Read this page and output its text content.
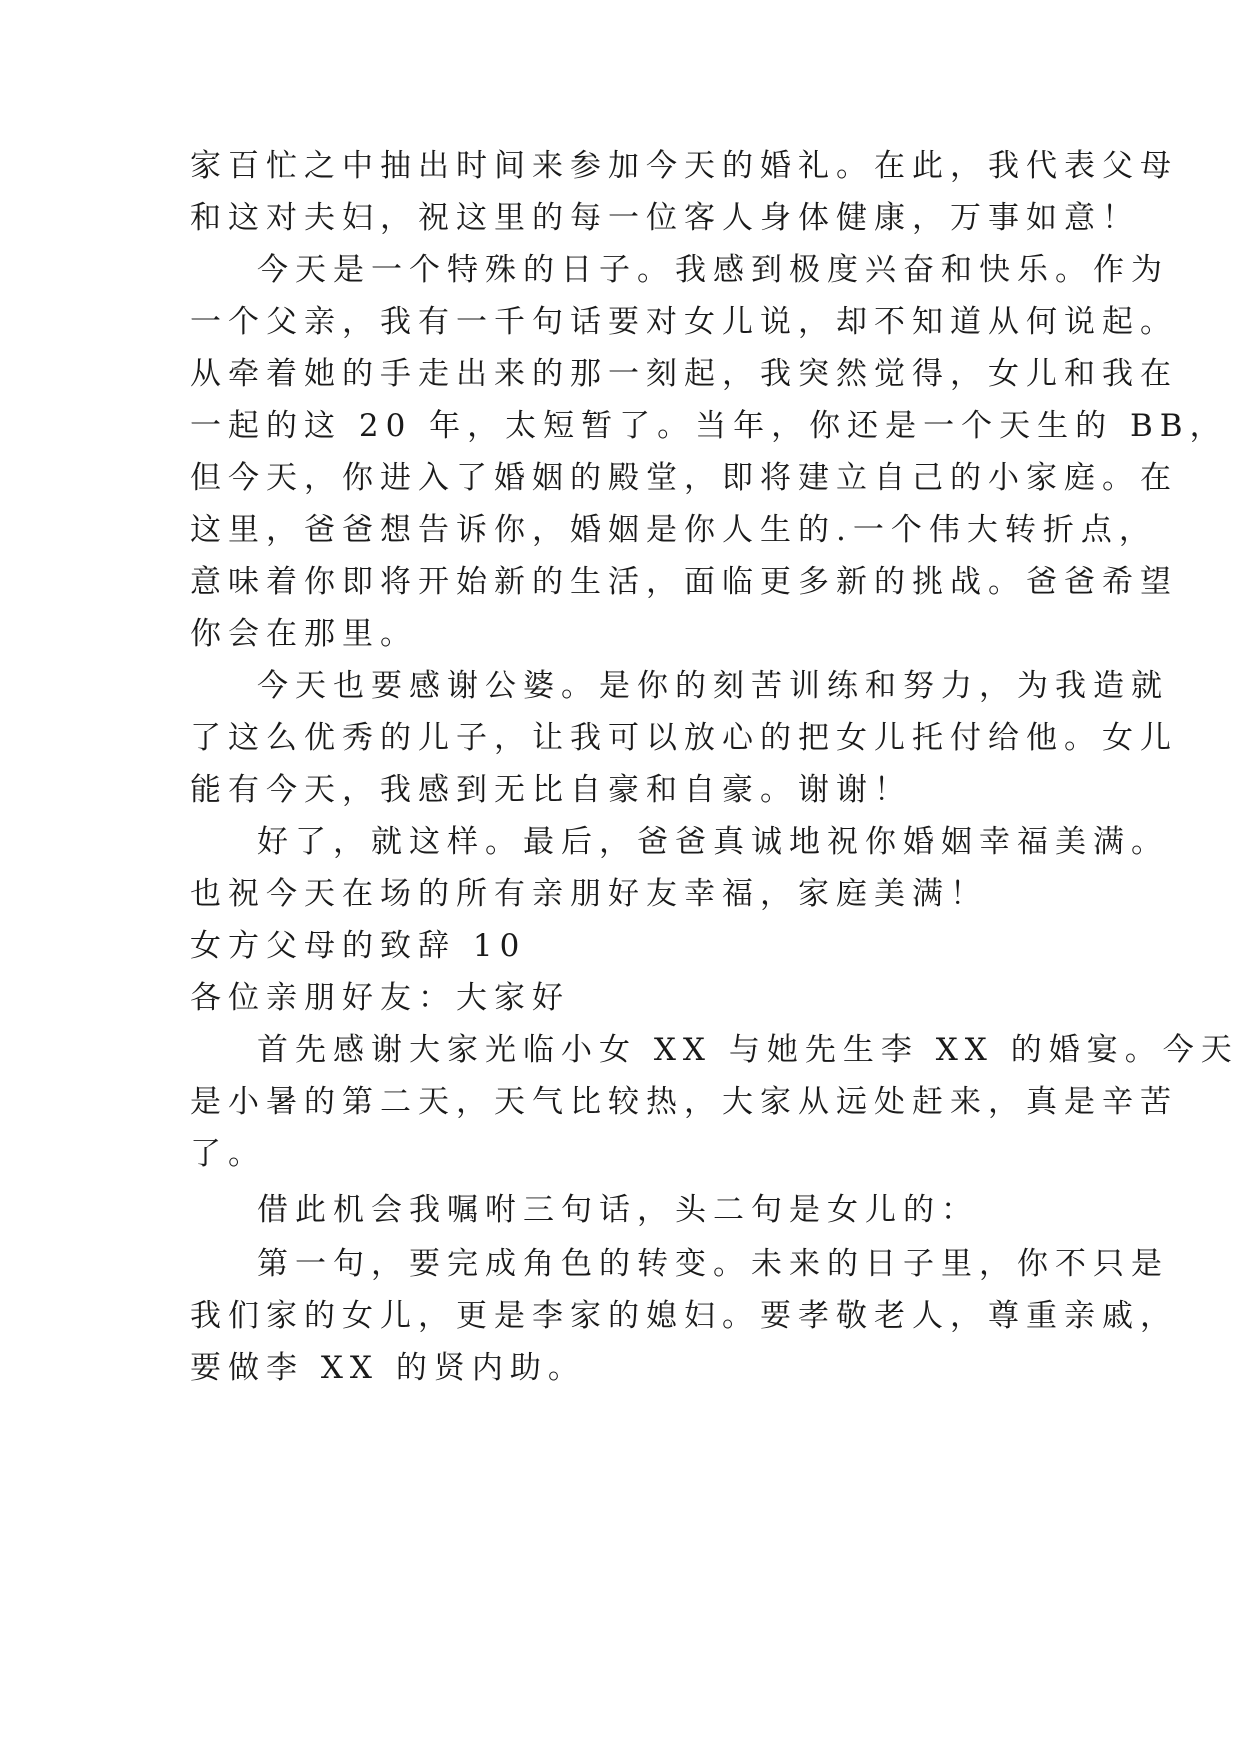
家百忙之中抽出时间来参加今天的婚礼。在此，我代表父母

和这对夫妇，祝这里的每一位客人身体健康，万事如意！

今天是一个特殊的日子。我感到极度兴奋和快乐。作为

一个父亲，我有一千句话要对女儿说，却不知道从何说起。

从牵着她的手走出来的那一刻起，我突然觉得，女儿和我在

一起的这 20 年，太短暂了。当年，你还是一个天生的 BB，

但今天，你进入了婚姻的殿堂，即将建立自己的小家庭。在

这里，爸爸想告诉你，婚姻是你人生的.一个伟大转折点，

意味着你即将开始新的生活，面临更多新的挑战。爸爸希望

你会在那里。

今天也要感谢公婆。是你的刻苦训练和努力，为我造就

了这么优秀的儿子，让我可以放心的把女儿托付给他。女儿

能有今天，我感到无比自豪和自豪。谢谢！

好了，就这样。最后，爸爸真诚地祝你婚姻幸福美满。

也祝今天在场的所有亲朋好友幸福，家庭美满！

女方父母的致辞 10

各位亲朋好友：大家好

首先感谢大家光临小女 XX 与她先生李 XX 的婚宴。今天

是小暑的第二天，天气比较热，大家从远处赶来，真是辛苦

了。

借此机会我嘱咐三句话，头二句是女儿的：

第一句，要完成角色的转变。未来的日子里，你不只是

我们家的女儿，更是李家的媳妇。要孝敬老人，尊重亲戚，

要做李 XX 的贤内助。
